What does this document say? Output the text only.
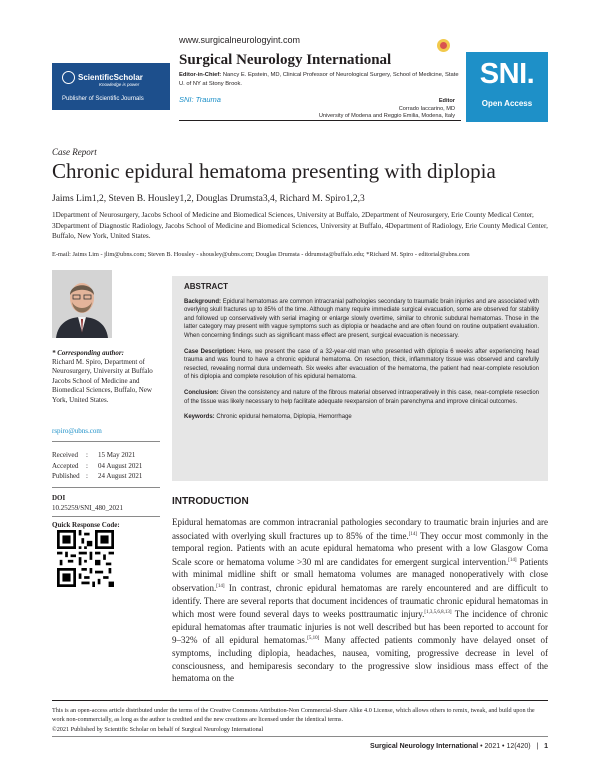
ScientificScholar
Knowledge is power
Publisher of Scientific Journals
www.surgicalneurologyint.com
Surgical Neurology International
Editor-in-Chief: Nancy E. Epstein, MD, Clinical Professor of Neurological Surgery, School of Medicine, State U. of NY at Stony Brook.
SNI: Trauma	Editor
Corrado Iaccarino, MD
University of Modena and Reggio Emilia, Modena, Italy
SNI.
Open Access
Case Report
Chronic epidural hematoma presenting with diplopia
Jaims Lim1,2, Steven B. Housley1,2, Douglas Drumsta3,4, Richard M. Spiro1,2,3
1Department of Neurosurgery, Jacobs School of Medicine and Biomedical Sciences, University at Buffalo, 2Department of Neurosurgery, Erie County Medical Center, 3Department of Diagnostic Radiology, Jacobs School of Medicine and Biomedical Sciences, University at Buffalo, 4Department of Radiology, Erie County Medical Center, Buffalo, New York, United States.
E-mail: Jaims Lim - jlim@ubns.com; Steven B. Housley - shousley@ubns.com; Douglas Drumsta - ddrumsta@buffalo.edu; *Richard M. Spiro - editorial@ubns.com
* Corresponding author:
Richard M. Spiro, Department of Neurosurgery, University at Buffalo Jacobs School of Medicine and Biomedical Sciences, Buffalo, New York, United States.
rspiro@ubns.com
Received	:	15 May 2021
Accepted	:	04 August 2021
Published :	24 August 2021
DOI
10.25259/SNI_480_2021
Quick Response Code:
ABSTRACT

Background: Epidural hematomas are common intracranial pathologies secondary to traumatic brain injuries and are associated with overlying skull fractures up to 85% of the time. Although many require immediate surgical evacuation, some are observed for stability and followed up conservatively with serial imaging or enlarge slowly overtime, similar to chronic subdural hematomas. Those in the latter category may present with vague symptoms such as diplopia or headache and are often found on routine outpatient evaluation. When concerning findings such as significant mass effect are present, surgical evacuation is necessary.

Case Description: Here, we present the case of a 32-year-old man who presented with diplopia 6 weeks after experiencing head trauma and was found to have a chronic epidural hematoma. On resection, thick, inflammatory tissue was observed and carefully resected, revealing normal dura underneath. Six weeks after evacuation of the hematoma, the patient had near-complete resolution of his diplopia and complete resolution of his epidural hematoma.

Conclusion: Given the consistency and nature of the fibrous material observed intraoperatively in this case, near-complete resection of the tissue was likely necessary to help facilitate adequate reexpansion of brain parenchyma and improve clinical outcomes.

Keywords: Chronic epidural hematoma, Diplopia, Hemorrhage

INTRODUCTION
Epidural hematomas are common intracranial pathologies secondary to traumatic brain injuries and are associated with overlying skull fractures up to 85% of the time.[14] They occur most commonly in the temporal region. Patients with an acute epidural hematoma who present with a low Glasgow Coma Scale score or hematoma volume >30 ml are candidates for emergent surgical intervention.[14] Patients with minimal midline shift or small hematoma volumes are managed nonoperatively with close observation.[14] In contrast, chronic epidural hematomas are rarely encountered and are difficult to identify. There are several reports that document incidences of traumatic chronic epidural hematomas in which most were found several days to weeks posttraumatic injury.[1,3,5,6,8,13] The incidence of chronic epidural hematomas after traumatic injuries is not well described but has been reported to account for 9–32% of all epidural hematomas.[5,10] Many affected patients commonly have delayed onset of symptoms, including diplopia, headaches, nausea, vomiting, progressive decrease in level of consciousness, and hemiparesis secondary to the progressive slow insidious mass effect of the hematoma on the
This is an open-access article distributed under the terms of the Creative Commons Attribution-Non Commercial-Share Alike 4.0 License, which allows others to remix, tweak, and build upon the work non-commercially, as long as the author is credited and the new creations are licensed under the identical terms.
©2021 Published by Scientific Scholar on behalf of Surgical Neurology International
Surgical Neurology International • 2021 • 12(420)   |   1
